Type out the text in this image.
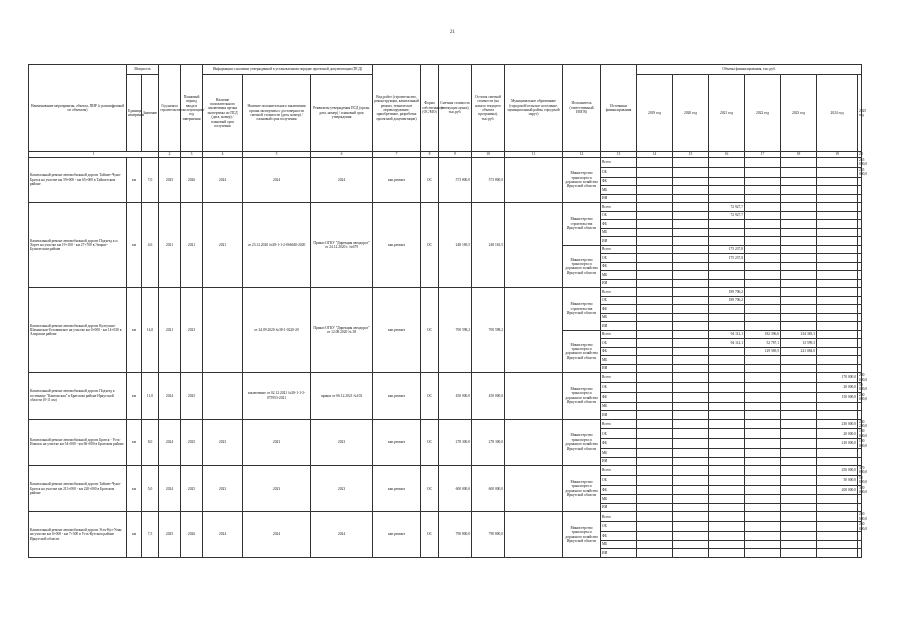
21
Наименование мероприятия, объекта, ПИР (с расшифровкой по объектам)	Мощность		Год начала строительства	Плановый период ввода в эксплуатацию/год завершения	Информация о наличии утвержденной в установленном порядке проектной документации (ПСД)			Вид работ (строительство, реконструкция, капитальный ремонт, техническое перевооружение, приобретение, разработка проектной документации)	Форма собственности (ОС/МО)	Сметная стоимость (в текущих ценах), тыс.руб.	Остаток сметной стоимости (на начало текущего объекта программы), тыс.руб.	Муниципальное образование (городской/сельское поселение, муниципальный район, городской округ)	Исполнитель (ответственный ИОГВ)	Источники финансирования	Объемы финансирования, тыс.руб.						
	Единица измерения	Значение			Наличие положительного заключения органа экспертизы по ПСД (дата, номер) / плановый срок получения	Наличие положительного заключения органа экспертизы о достоверности сметной стоимости (дата, номер) / плановый срок получения	Реквизиты утверждения ПСД (орган, дата, номер) / плановый срок утверждения								2019 год	2020 год	2021 год	2022 год	2023 год	2024 год	2025 год
1			2	3	4	5	6	7	8	9	10	11	12	13	14	15	16	17	18	19	20
Капитальный ремонт автомобильной дороги Тайшет-Чуна-Братск на участке км 59+000 - км 65+000 в Тайшетском районе	км	7,0	2025	2026	2024	2024	2024	кап.ремонт	ОС	573 800,0	573 800,0		Министерство транспорта и дорожного хозяйства Иркутской области	Всего							265 000,0
														ОБ							265 000,0
														ФБ							
														МБ							
														ИИ							
Капитальный ремонт автомобильной дороги Подъезд к п. Хорет на участке км 19+100 - км 27+700 в Эхирит-Булагатском районе	км	4,6	2021	2021	2021	от 23.12.2020 №38-1-1-2-066640-2020	Приказ ОГКУ "Дирекция автодорог" от 24.12.2020 г. №679	кап.ремонт	ОС	248 169,5	248 163,5		Министерство строительства Иркутской области	Всего			72 927,7				
														ОБ			72 927,7				
														ФБ							
														МБ							
														ИИ							
													Министерство транспорта и дорожного хозяйства Иркутской области	Всего			175 237,8				
														ОБ			175 237,8				
														ФБ							
														МБ							
														ИИ							
Капитальный ремонт автомобильной дороги Култушно-Шаманская-Головинское на участке км 0+000 - км 14+030 в Аларском районе	км	14,0	2021	2023		от 24.09.2020 №38-1-0220-20	Приказ ОГКУ "Дирекция автодорог" от 12.08.2020 № 38	кап.ремонт	ОС	700 598,2	700 598,2		Министерство строительства Иркутской области	Всего			189 706,2				
														ОБ			189 706,2				
														ФБ							
														МБ							
														ИИ							
													Министерство транспорта и дорожного хозяйства Иркутской области	Всего			94 112,1	182 396,6	234 383,3		
														ОБ			94 112,1	52 787,1	13 599,3		
														ФБ				129 569,5	221 084,0		
														МБ							
														ИИ							
Капитальный ремонт автомобильной дороги Подъезд к гостинице "Кантонская" в Братском районе Иркутской области (0-11 км)	км	11,0	2024	2025		заключение от 02.12.2021 №38-1-1-3-075953-2021	приказ от 06.12.2021 №103	кап.ремонт	ОС	450 000,0	450 000,0		Министерство транспорта и дорожного хозяйства Иркутской области	Всего						170 000,0	280 000,0
														ОБ						20 000,0	50 000,0
														ФБ						150 000,0	230 000,0
														МБ							
														ИИ							
Капитальный ремонт автомобильной дороги Братск - Усть-Илимск на участке км 54+000 - км 66+000 в Братском районе	км	8,0	2024	2025	2023	2023	2023	кап.ремонт	ОС	278 300,0	278 300,0		Министерство транспорта и дорожного хозяйства Иркутской области	Всего						230 000,0	230 200,0
														ОБ						20 000,0	130 000,0
														ФБ						210 000,0	100 000,0
														МБ							
														ИИ							
Капитальный ремонт автомобильной дороги Тайшет-Чуна-Братск на участке км 213+000 - км 220+000 в Братском районе	км	5,0	2024	2025	2023	2023	2023	кап.ремонт	ОС	600 000,0	600 000,0		Министерство транспорта и дорожного хозяйства Иркутской области	Всего						250 000,0	370 000,0
														ОБ						50 000,0	50 000,0
														ФБ						200 000,0	320 000,0
														МБ							
														ИИ							
Капитальный ремонт автомобильной дороги Усть-Кут-Уоян на участке км 0+000 - км 7+500 в Усть-Кутском районе Иркутской области	км	7,5	2025	2026	2024	2024	2024	кап.ремонт	ОС	790 800,0	790 800,0		Министерство транспорта и дорожного хозяйства Иркутской области	Всего							250 000,0
														ОБ							250 000,0
														ФБ							
														МБ							
														ИИ							
